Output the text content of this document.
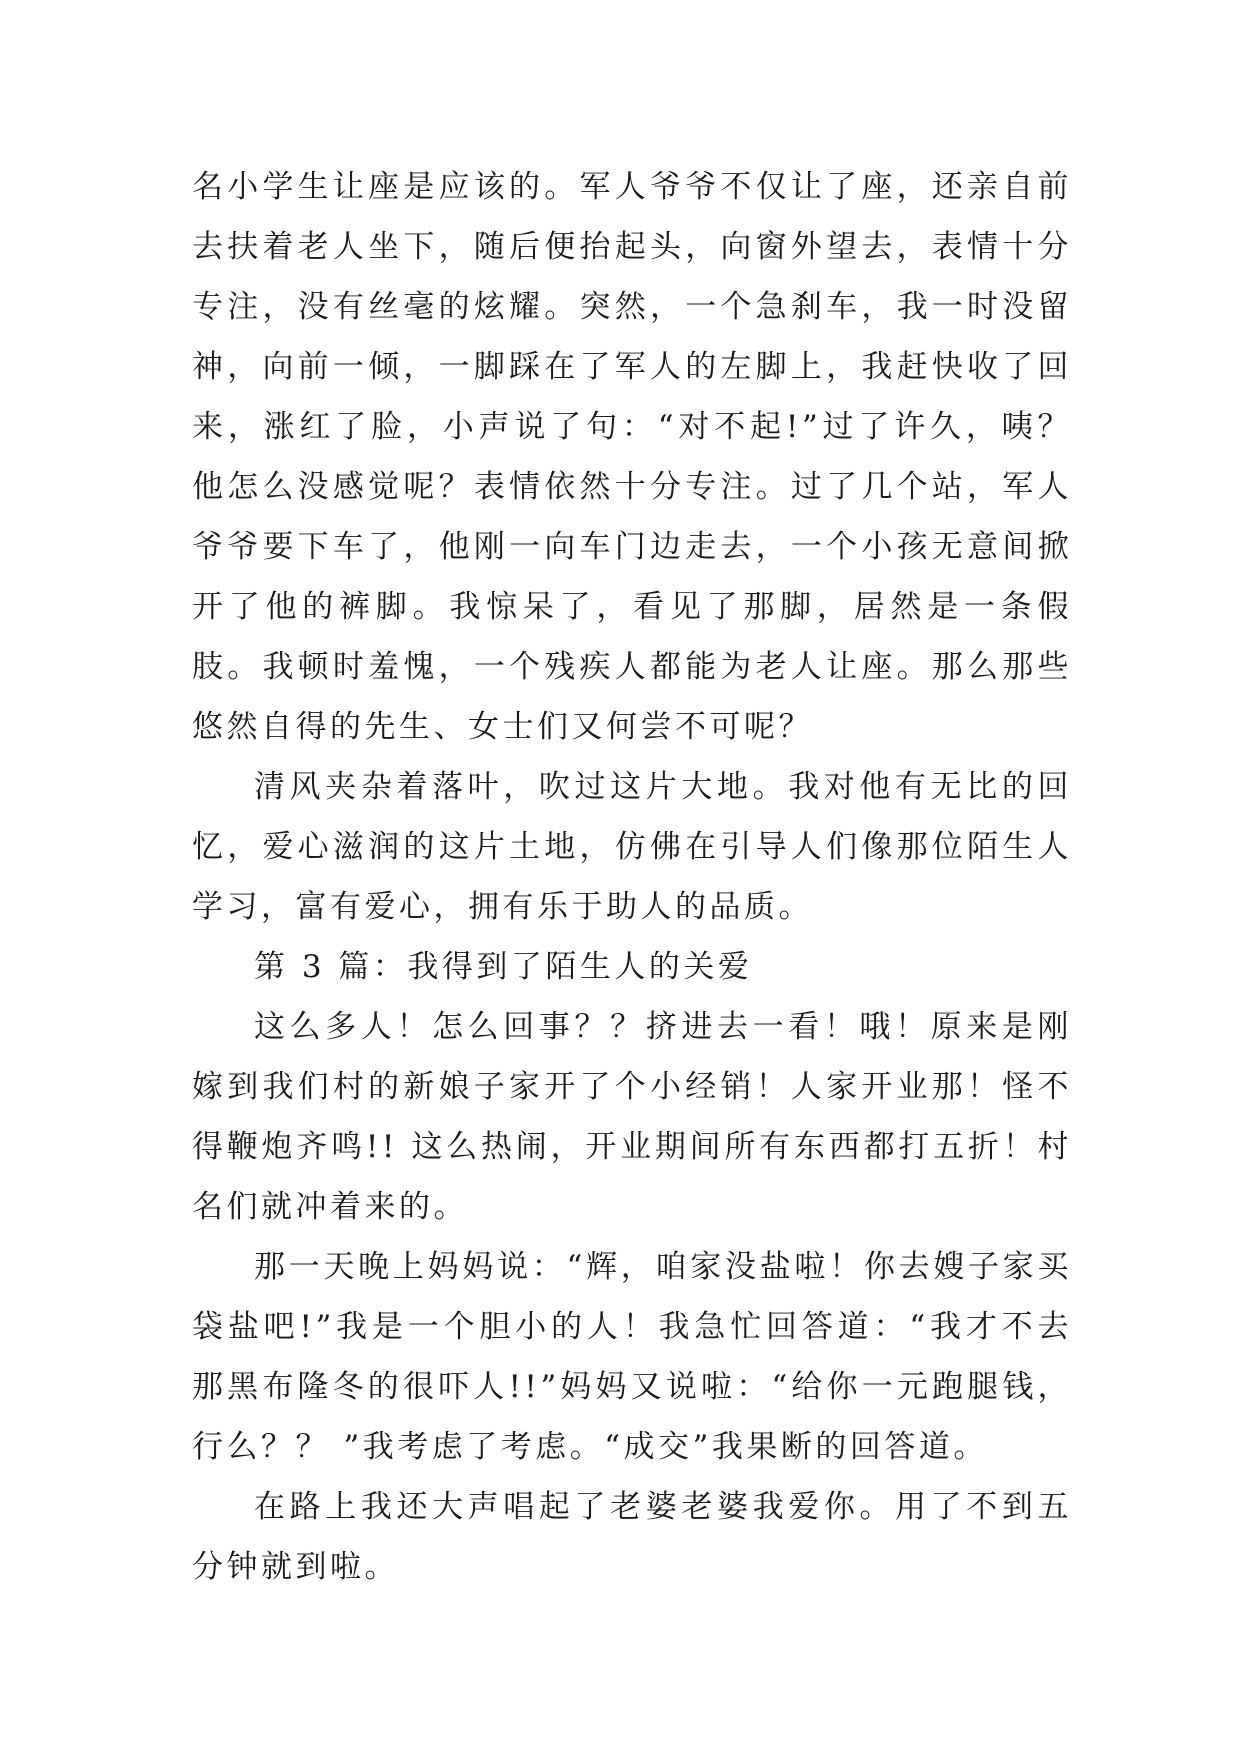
名小学生让座是应该的。军人爷爷不仅让了座，还亲自前去扶着老人坐下，随后便抬起头，向窗外望去，表情十分专注，没有丝毫的炫耀。突然，一个急刹车，我一时没留神，向前一倾，一脚踩在了军人的左脚上，我赶快收了回来，涨红了脸，小声说了句：“对不起!”过了许久，咦？他怎么没感觉呢？表情依然十分专注。过了几个站，军人爷爷要下车了，他刚一向车门边走去，一个小孩无意间掀开了他的裤脚。我惊呆了，看见了那脚，居然是一条假肢。我顿时羞愧，一个残疾人都能为老人让座。那么那些悠然自得的先生、女士们又何尝不可呢？

清风夹杂着落叶，吹过这片大地。我对他有无比的回忆，爱心滋润的这片土地，仿佛在引导人们像那位陌生人学习，富有爱心，拥有乐于助人的品质。

第 3 篇：我得到了陌生人的关爱

这么多人！怎么回事？？挤进去一看！哦！原来是刚嫁到我们村的新娘子家开了个小经销！人家开业那！怪不得鞭炮齐鸣!! 这么热闹，开业期间所有东西都打五折！村名们就冲着来的。

那一天晚上妈妈说：“辉，咱家没盐啦！你去嫂子家买袋盐吧!”我是一个胆小的人！我急忙回答道：“我才不去那黑布隆冬的很吓人!!”妈妈又说啦：“给你一元跑腿钱，行么？？ ”我考虑了考虑。“成交”我果断的回答道。

在路上我还大声唱起了老婆老婆我爱你。用了不到五分钟就到啦。
